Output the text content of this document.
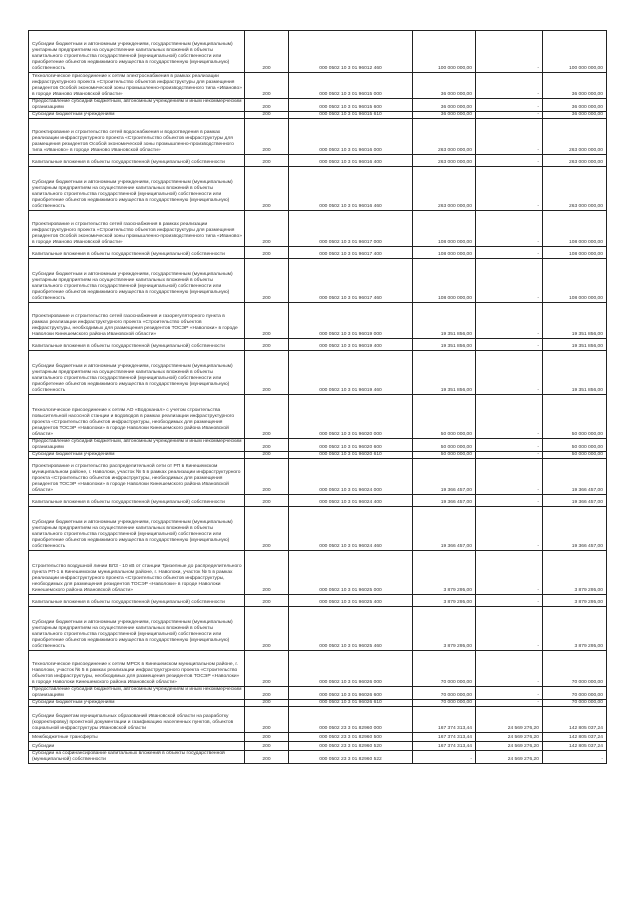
Субсидии бюджетным и автономным учреждениям, государственным (муниципальным) унитарным предприятиям на осуществление капитальных вложений в объекты капитального строительства государственной (муниципальной) собственности или приобретение объектов недвижимого имущества в государственную (муниципальную) собственность	200	000 0502 10 3 01 96012 460	100 000 000,00	-	100 000 000,00
Технологическое присоединение к сетям электроснабжения в рамках реализации инфраструктурного проекта «Строительство объектов инфраструктуры для размещения резидентов Особой экономической зоны промышленно-производственного типа «Иваново» в городе Иваново Ивановской области»	200	000 0502 10 3 01 96015 000	36 000 000,00	-	36 000 000,00
Предоставление субсидий бюджетным, автономным учреждениям и иным некоммерческим организациям	200	000 0502 10 3 01 96015 600	36 000 000,00	-	36 000 000,00
Субсидии бюджетным учреждениям	200	000 0502 10 3 01 96015 610	36 000 000,00	-	36 000 000,00
Проектирование и строительство сетей водоснабжения и водоотведения в рамках реализации инфраструктурного проекта «Строительство объектов инфраструктуры для размещения резидентов Особой экономической зоны промышленно-производственного типа «Иваново» в городе Иваново Ивановской области»	200	000 0502 10 3 01 96016 000	263 000 000,00	-	263 000 000,00
Капитальные вложения в объекты государственной (муниципальной) собственности	200	000 0502 10 3 01 96016 400	263 000 000,00	-	263 000 000,00
Субсидии бюджетным и автономным учреждениям, государственным (муниципальным) унитарным предприятиям на осуществление капитальных вложений в объекты капитального строительства государственной (муниципальной) собственности или приобретение объектов недвижимого имущества в государственную (муниципальную) собственность	200	000 0502 10 3 01 96016 460	263 000 000,00	-	263 000 000,00
Проектирование и строительство сетей газоснабжения в рамках реализации инфраструктурного проекта «Строительство объектов инфраструктуры для размещения резидентов Особой экономической зоны промышленно-производственного типа «Иваново» в городе Иваново Ивановской области»	200	000 0502 10 3 01 96017 000	108 000 000,00	-	108 000 000,00
Капитальные вложения в объекты государственной (муниципальной) собственности	200	000 0502 10 3 01 96017 400	108 000 000,00	-	108 000 000,00
Субсидии бюджетным и автономным учреждениям, государственным (муниципальным) унитарным предприятиям на осуществление капитальных вложений в объекты капитального строительства государственной (муниципальной) собственности или приобретение объектов недвижимого имущества в государственную (муниципальную) собственность	200	000 0502 10 3 01 96017 460	108 000 000,00	-	108 000 000,00
Проектирование и строительство сетей газоснабжения и газорегуляторного пункта в рамках реализации инфраструктурного проекта «Строительство объектов инфраструктуры, необходимых для размещения резидентов ТОСЭР «Наволоки» в городе Наволоки Кинешемского района Ивановской области»	200	000 0502 10 3 01 96019 000	19 351 856,00	-	19 351 856,00
Капитальные вложения в объекты государственной (муниципальной) собственности	200	000 0502 10 3 01 96019 400	19 351 856,00	-	19 351 856,00
Субсидии бюджетным и автономным учреждениям, государственным (муниципальным) унитарным предприятиям на осуществление капитальных вложений в объекты капитального строительства государственной (муниципальной) собственности или приобретение объектов недвижимого имущества в государственную (муниципальную) собственность	200	000 0502 10 3 01 96019 460	19 351 856,00	-	19 351 856,00
Технологическое присоединение к сетям АО «Водоканал» с учетом строительства повысительной насосной станции и водоводов в рамках реализации инфраструктурного проекта «Строительство объектов инфраструктуры, необходимых для размещения резидентов ТОСЭР «Наволоки» в городе Наволоки Кинешемского района Ивановской области»	200	000 0502 10 3 01 96020 000	50 000 000,00	-	50 000 000,00
Предоставление субсидий бюджетным, автономным учреждениям и иным некоммерческим организациям	200	000 0502 10 3 01 96020 600	50 000 000,00	-	50 000 000,00
Субсидии бюджетным учреждениям	200	000 0502 10 3 01 96020 610	50 000 000,00	-	50 000 000,00
Проектирование и строительство распределительной сети от РП в Кинешемском муниципальном районе, г. Наволоки, участок № 5 в рамках реализации инфраструктурного проекта «Строительство объектов инфраструктуры, необходимых для размещения резидентов ТОСЭР «Наволоки» в городе Наволоки Кинешемского района Ивановской области»	200	000 0502 10 3 01 96024 000	19 366 457,00	-	19 366 457,00
Капитальные вложения в объекты государственной (муниципальной) собственности	200	000 0502 10 3 01 96024 400	19 366 457,00	-	19 366 457,00
Субсидии бюджетным и автономным учреждениям, государственным (муниципальным) унитарным предприятиям на осуществление капитальных вложений в объекты капитального строительства государственной (муниципальной) собственности или приобретение объектов недвижимого имущества в государственную (муниципальную) собственность	200	000 0502 10 3 01 96024 460	19 366 457,00	-	19 366 457,00
Строительство воздушной линии ВЛЗ - 10 кВ от станции Тризелные до распределительного пункта РП-1 в Кинешемском муниципальном районе, г. Наволоки, участок № 5 в рамках реализации инфраструктурного проекта «Строительство объектов инфраструктуры, необходимых для размещения резидентов ТОСЭР «Наволоки» в городе Наволоки Кинешемского района Ивановской области»	200	000 0502 10 3 01 96025 000	3 879 295,00	-	3 879 295,00
Капитальные вложения в объекты государственной (муниципальной) собственности	200	000 0502 10 3 01 96025 400	3 879 295,00	-	3 879 295,00
Субсидии бюджетным и автономным учреждениям, государственным (муниципальным) унитарным предприятиям на осуществление капитальных вложений в объекты капитального строительства государственной (муниципальной) собственности или приобретение объектов недвижимого имущества в государственную (муниципальную) собственность	200	000 0502 10 3 01 96025 460	3 879 295,00	-	3 879 295,00
Технологическое присоединение к сетям МРСК в Кинешемском муниципальном районе, г. Наволоки, участок № 5 в рамках реализации инфраструктурного проекта «Строительство объектов инфраструктуры, необходимых для размещения резидентов ТОСЭР «Наволоки» в городе Наволоки Кинешемского района Ивановской области»	200	000 0502 10 3 01 96026 000	70 000 000,00	-	70 000 000,00
Предоставление субсидий бюджетным, автономным учреждениям и иным некоммерческим организациям	200	000 0502 10 3 01 96026 600	70 000 000,00	-	70 000 000,00
Субсидии бюджетным учреждениям	200	000 0502 10 3 01 96026 610	70 000 000,00	-	70 000 000,00
Субсидии бюджетам муниципальных образований Ивановской области на разработку (корректировку) проектной документации и газификацию населенных пунктов, объектов социальной инфраструктуры Ивановской области	200	000 0502 23 3 01 82960 000	167 374 313,44	24 569 276,20	142 805 037,24
Межбюджетные трансферты	200	000 0502 23 3 01 82960 500	167 374 313,44	24 569 276,20	142 805 037,24
Субсидии	200	000 0502 23 3 01 82960 520	167 374 313,44	24 569 276,20	142 805 037,24
Субсидии на софинансирование капитальных вложений в объекты государственной (муниципальной) собственности	200	000 0502 23 3 01 82960 522	-	24 569 276,20	-
